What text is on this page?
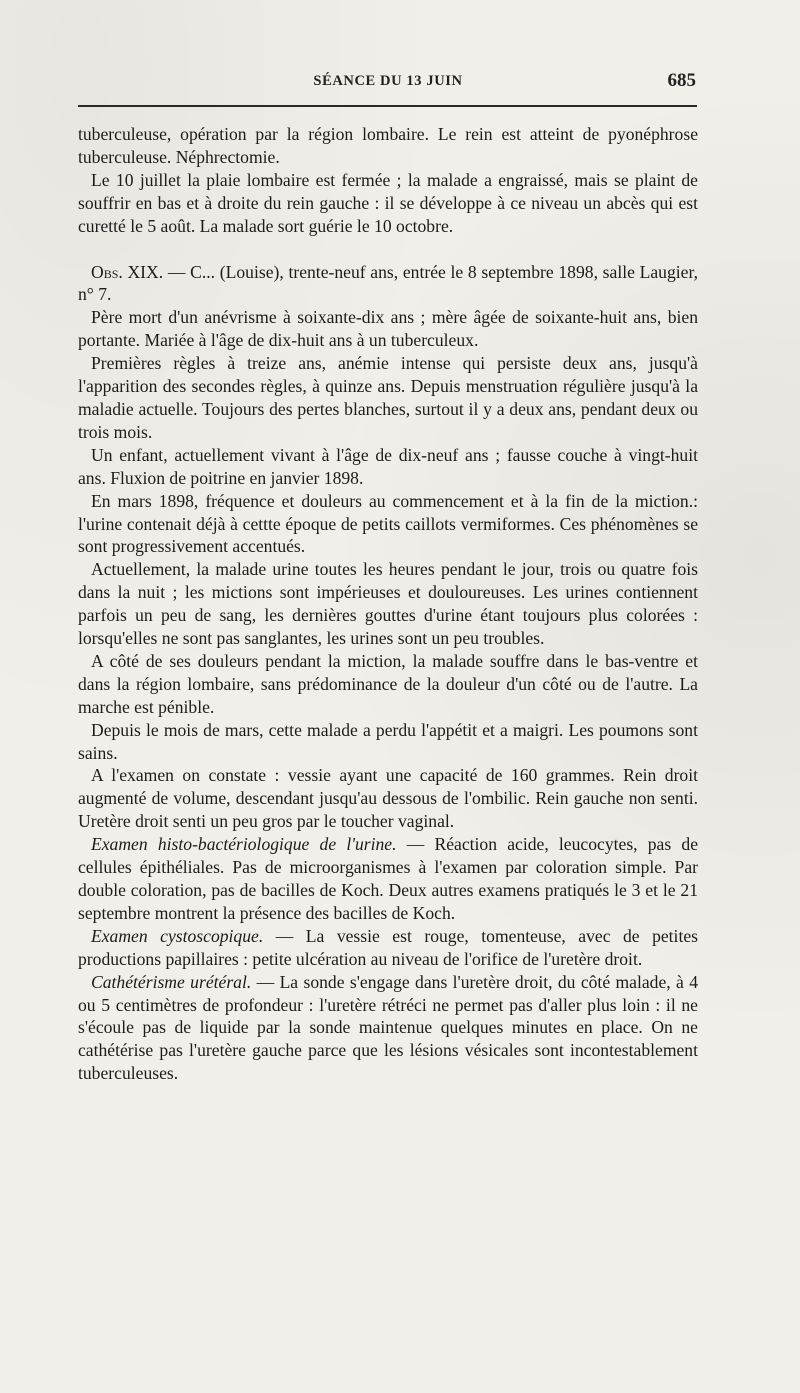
SÉANCE DU 13 JUIN	685

tuberculeuse, opération par la région lombaire. Le rein est atteint de pyonéphrose tuberculeuse. Néphrectomie.

Le 10 juillet la plaie lombaire est fermée ; la malade a engraissé, mais se plaint de souffrir en bas et à droite du rein gauche : il se développe à ce niveau un abcès qui est curetté le 5 août. La malade sort guérie le 10 octobre.

Obs. XIX. — C... (Louise), trente-neuf ans, entrée le 8 septembre 1898, salle Laugier, n° 7.

Père mort d'un anévrisme à soixante-dix ans ; mère âgée de soixante-huit ans, bien portante. Mariée à l'âge de dix-huit ans à un tuberculeux.

Premières règles à treize ans, anémie intense qui persiste deux ans, jusqu'à l'apparition des secondes règles, à quinze ans. Depuis menstruation régulière jusqu'à la maladie actuelle. Toujours des pertes blanches, surtout il y a deux ans, pendant deux ou trois mois.

Un enfant, actuellement vivant à l'âge de dix-neuf ans ; fausse couche à vingt-huit ans. Fluxion de poitrine en janvier 1898.

En mars 1898, fréquence et douleurs au commencement et à la fin de la miction.: l'urine contenait déjà à cettte époque de petits caillots vermiformes. Ces phénomènes se sont progressivement accentués.

Actuellement, la malade urine toutes les heures pendant le jour, trois ou quatre fois dans la nuit ; les mictions sont impérieuses et douloureuses. Les urines contiennent parfois un peu de sang, les dernières gouttes d'urine étant toujours plus colorées : lorsqu'elles ne sont pas sanglantes, les urines sont un peu troubles.

A côté de ses douleurs pendant la miction, la malade souffre dans le bas-ventre et dans la région lombaire, sans prédominance de la douleur d'un côté ou de l'autre. La marche est pénible.

Depuis le mois de mars, cette malade a perdu l'appétit et a maigri. Les poumons sont sains.

A l'examen on constate : vessie ayant une capacité de 160 grammes. Rein droit augmenté de volume, descendant jusqu'au dessous de l'ombilic. Rein gauche non senti. Uretère droit senti un peu gros par le toucher vaginal.

Examen histo-bactériologique de l'urine. — Réaction acide, leucocytes, pas de cellules épithéliales. Pas de microorganismes à l'examen par coloration simple. Par double coloration, pas de bacilles de Koch. Deux autres examens pratiqués le 3 et le 21 septembre montrent la présence des bacilles de Koch.

Examen cystoscopique. — La vessie est rouge, tomenteuse, avec de petites productions papillaires : petite ulcération au niveau de l'orifice de l'uretère droit.

Cathétérisme urétéral. — La sonde s'engage dans l'uretère droit, du côté malade, à 4 ou 5 centimètres de profondeur : l'uretère rétréci ne permet pas d'aller plus loin : il ne s'écoule pas de liquide par la sonde maintenue quelques minutes en place. On ne cathétérise pas l'uretère gauche parce que les lésions vésicales sont incontestablement tuberculeuses.
